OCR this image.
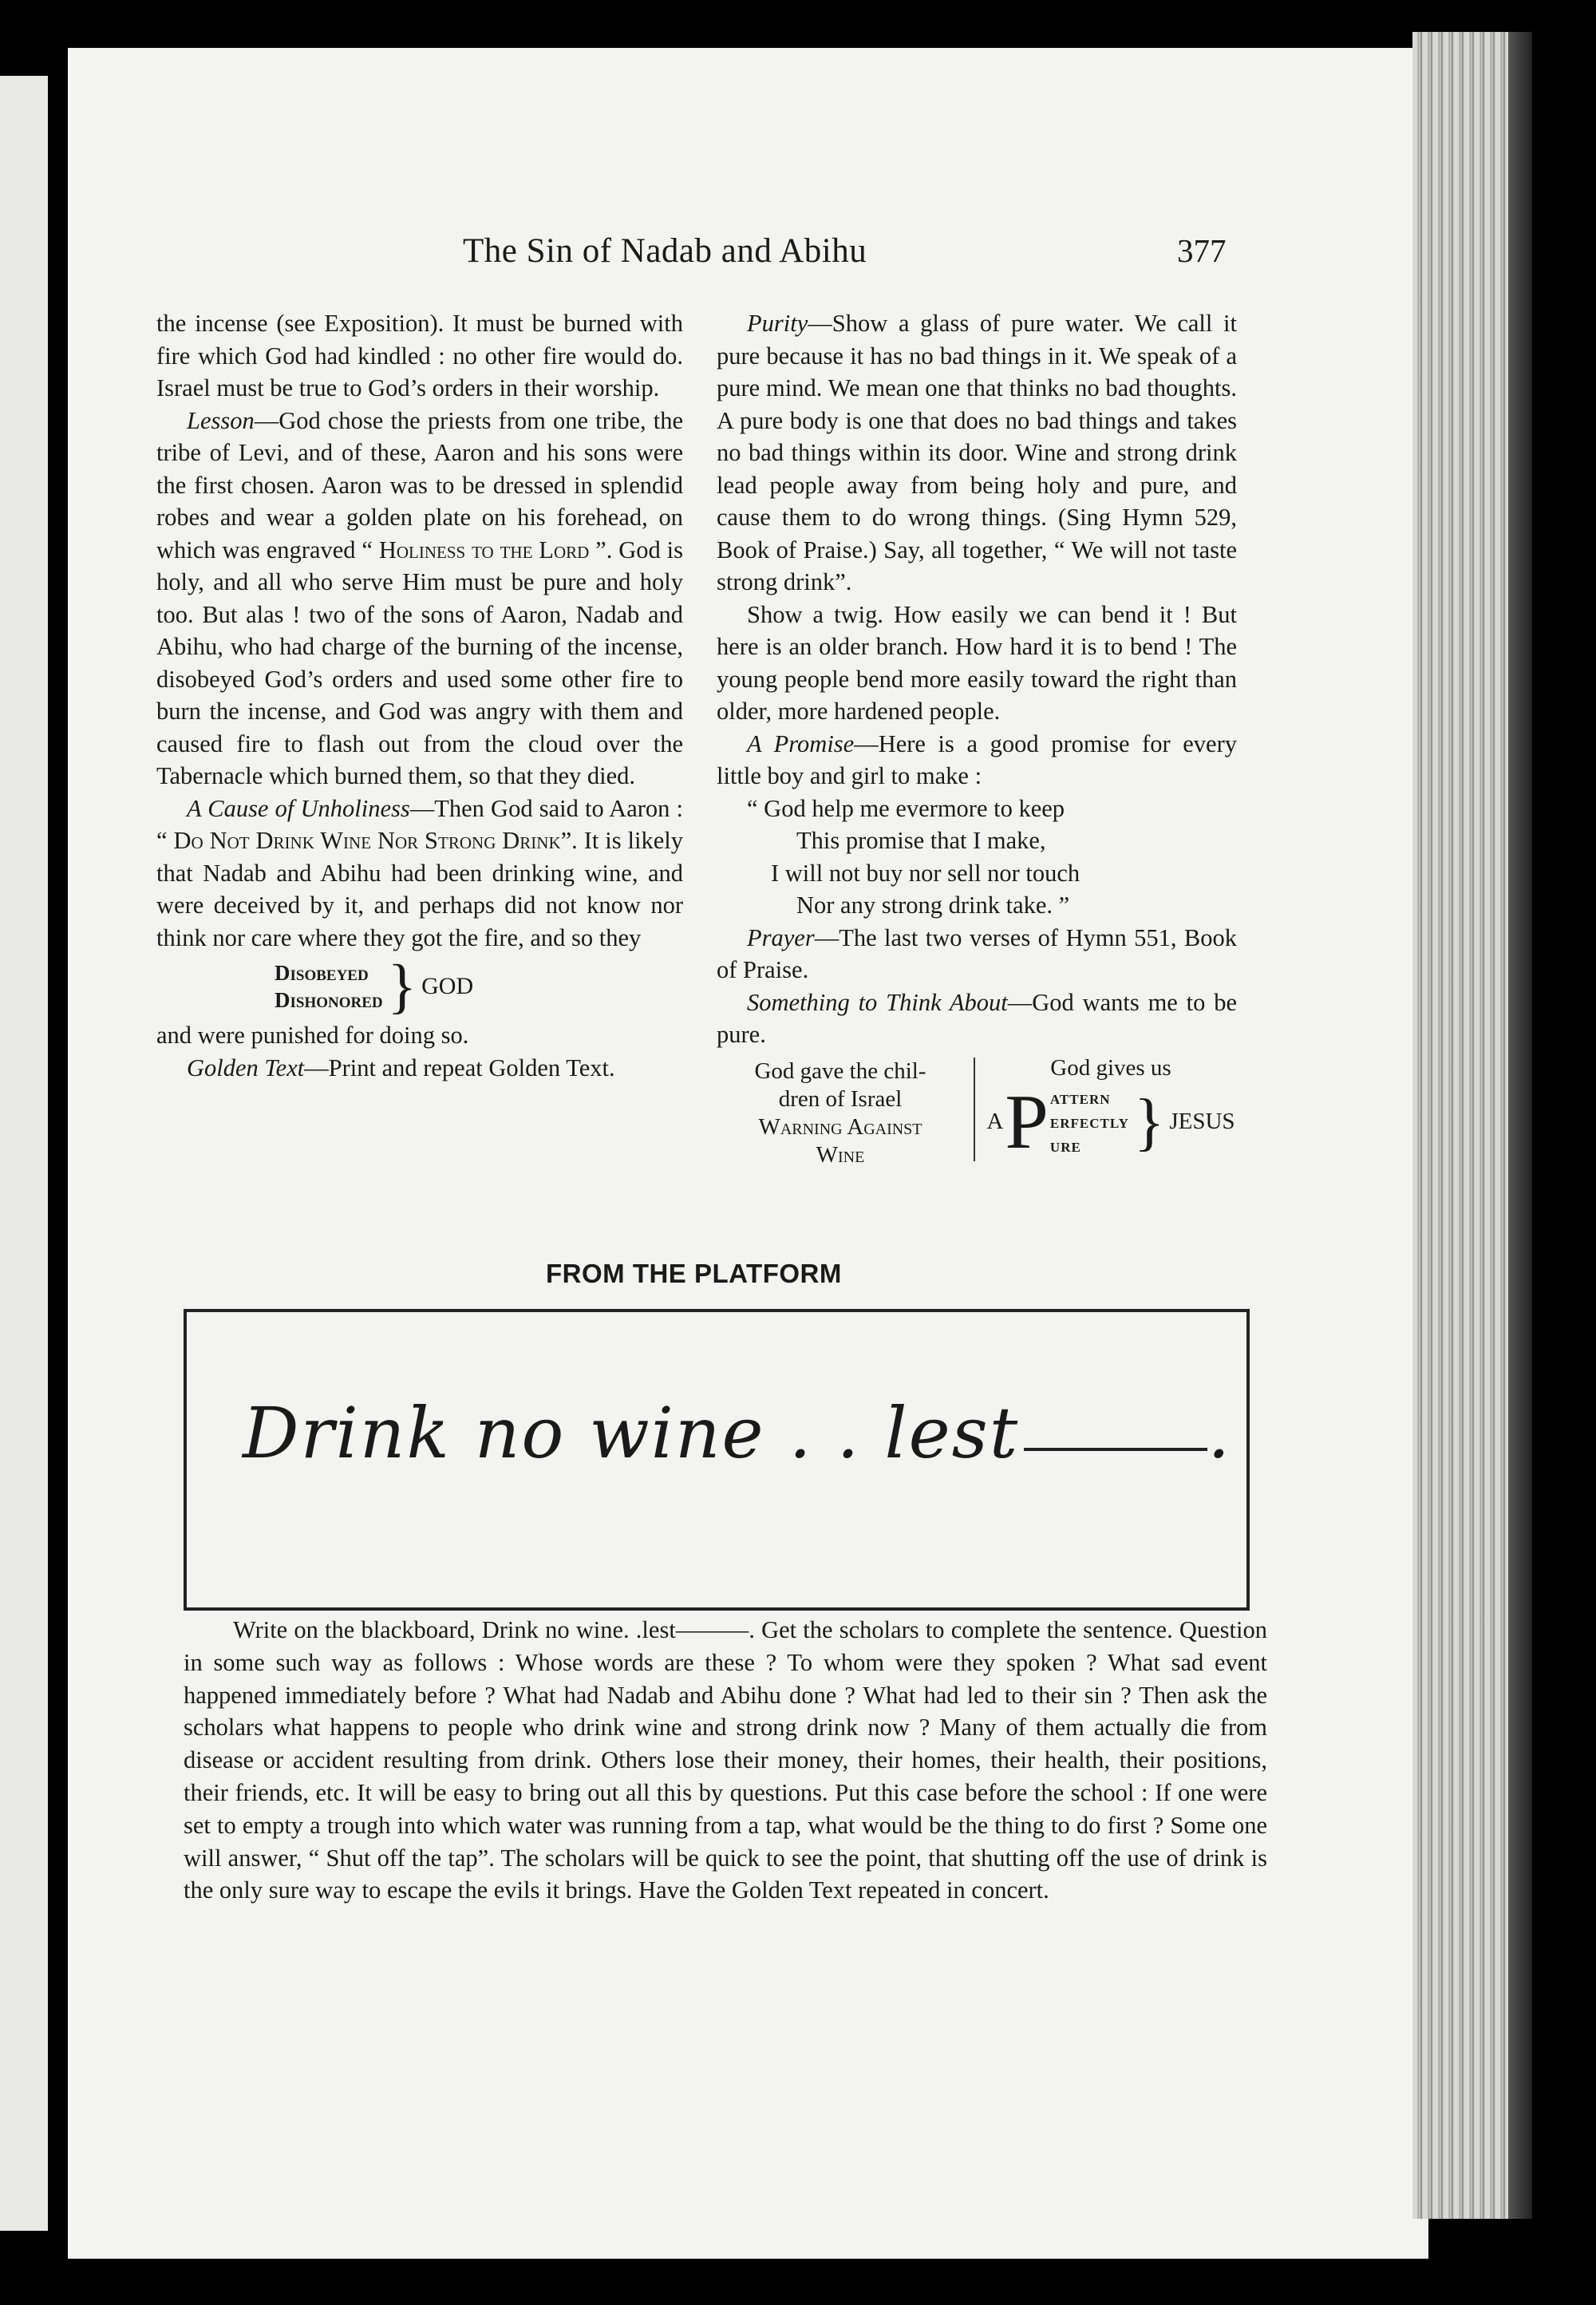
The Sin of Nadab and Abihu	377

the incense (see Exposition). It must be burned with fire which God had kindled : no other fire would do. Israel must be true to God’s orders in their worship.

Lesson—God chose the priests from one tribe, the tribe of Levi, and of these, Aaron and his sons were the first chosen. Aaron was to be dressed in splendid robes and wear a golden plate on his forehead, on which was engraved “ Holiness to the Lord ”. God is holy, and all who serve Him must be pure and holy too. But alas ! two of the sons of Aaron, Nadab and Abihu, who had charge of the burning of the incense, disobeyed God’s orders and used some other fire to burn the incense, and God was angry with them and caused fire to flash out from the cloud over the Tabernacle which burned them, so that they died.

A Cause of Unholiness—Then God said to Aaron : “ Do Not Drink Wine Nor Strong Drink”. It is likely that Nadab and Abihu had been drinking wine, and were deceived by it, and perhaps did not know nor think nor care where they got the fire, and so they

Disobeyed
Dishonored } GOD

and were punished for doing so.

Golden Text—Print and repeat Golden Text.

Purity—Show a glass of pure water. We call it pure because it has no bad things in it. We speak of a pure mind. We mean one that thinks no bad thoughts. A pure body is one that does no bad things and takes no bad things within its door. Wine and strong drink lead people away from being holy and pure, and cause them to do wrong things. (Sing Hymn 529, Book of Praise.) Say, all together, “ We will not taste strong drink”.

Show a twig. How easily we can bend it ! But here is an older branch. How hard it is to bend ! The young people bend more easily toward the right than older, more hardened people.

A Promise—Here is a good promise for every little boy and girl to make :

“ God help me evermore to keep
This promise that I make,
I will not buy nor sell nor touch
Nor any strong drink take. ”

Prayer—The last two verses of Hymn 551, Book of Praise.

Something to Think About—God wants me to be pure.

God gave the chil-
dren of Israel
Warning Against
Wine
God gives us
A P attern
erfectly
ure } JESUS
FROM THE PLATFORM
Drink no wine . . lest	.

Write on the blackboard, Drink no wine. .lest———. Get the scholars to complete the sentence. Question in some such way as follows : Whose words are these ? To whom were they spoken ? What sad event happened immediately before ? What had Nadab and Abihu done ? What had led to their sin ? Then ask the scholars what happens to people who drink wine and strong drink now ? Many of them actually die from disease or accident resulting from drink. Others lose their money, their homes, their health, their positions, their friends, etc. It will be easy to bring out all this by questions. Put this case before the school : If one were set to empty a trough into which water was running from a tap, what would be the thing to do first ? Some one will answer, “ Shut off the tap”. The scholars will be quick to see the point, that shutting off the use of drink is the only sure way to escape the evils it brings. Have the Golden Text repeated in concert.
